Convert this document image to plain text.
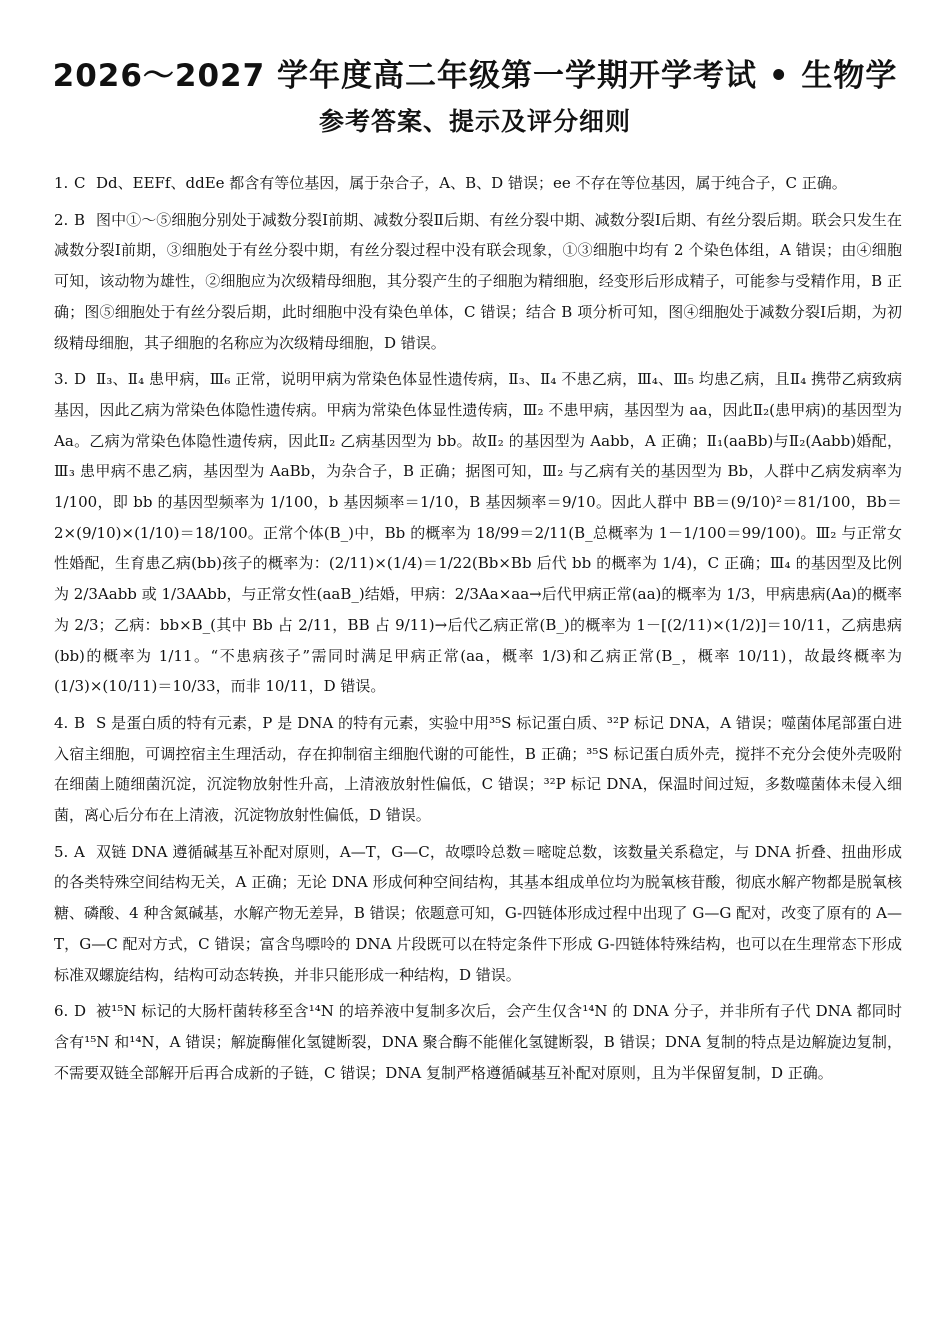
2026～2027 学年度高二年级第一学期开学考试 • 生物学
参考答案、提示及评分细则
1. C Dd、EEFf、ddEe 都含有等位基因，属于杂合子，A、B、D 错误；ee 不存在等位基因，属于纯合子，C 正确。
2. B 图中①～⑤细胞分别处于减数分裂Ⅰ前期、减数分裂Ⅱ后期、有丝分裂中期、减数分裂Ⅰ后期、有丝分裂后期。联会只发生在减数分裂Ⅰ前期，③细胞处于有丝分裂中期，有丝分裂过程中没有联会现象，①③细胞中均有 2 个染色体组，A 错误；由④细胞可知，该动物为雄性，②细胞应为次级精母细胞，其分裂产生的子细胞为精细胞，经变形后形成精子，可能参与受精作用，B 正确；图⑤细胞处于有丝分裂后期，此时细胞中没有染色单体，C 错误；结合 B 项分析可知，图④细胞处于减数分裂Ⅰ后期，为初级精母细胞，其子细胞的名称应为次级精母细胞，D 错误。
3. D Ⅱ₃、Ⅱ₄ 患甲病，Ⅲ₆ 正常，说明甲病为常染色体显性遗传病，Ⅱ₃、Ⅱ₄ 不患乙病，Ⅲ₄、Ⅲ₅ 均患乙病，且Ⅱ₄ 携带乙病致病基因，因此乙病为常染色体隐性遗传病。甲病为常染色体显性遗传病，Ⅲ₂ 不患甲病，基因型为 aa，因此Ⅱ₂(患甲病)的基因型为 Aa。乙病为常染色体隐性遗传病，因此Ⅱ₂ 乙病基因型为 bb。故Ⅱ₂ 的基因型为 Aabb，A 正确；Ⅱ₁(aaBb)与Ⅱ₂(Aabb)婚配，Ⅲ₃ 患甲病不患乙病，基因型为 AaBb，为杂合子，B 正确；据图可知，Ⅲ₂ 与乙病有关的基因型为 Bb，人群中乙病发病率为 1/100，即 bb 的基因型频率为 1/100，b 基因频率＝1/10，B 基因频率＝9/10。因此人群中 BB＝(9/10)²＝81/100，Bb＝2×(9/10)×(1/10)＝18/100。正常个体(B_)中，Bb 的概率为 18/99＝2/11(B_总概率为 1－1/100＝99/100)。Ⅲ₂ 与正常女性婚配，生育患乙病(bb)孩子的概率为：(2/11)×(1/4)＝1/22(Bb×Bb 后代 bb 的概率为 1/4)，C 正确；Ⅲ₄ 的基因型及比例为 2/3Aabb 或 1/3AAbb，与正常女性(aaB_)结婚，甲病：2/3Aa×aa→后代甲病正常(aa)的概率为 1/3，甲病患病(Aa)的概率为 2/3；乙病：bb×B_(其中 Bb 占 2/11，BB 占 9/11)→后代乙病正常(B_)的概率为 1－[(2/11)×(1/2)]＝10/11，乙病患病(bb)的概率为 1/11。“不患病孩子”需同时满足甲病正常(aa，概率 1/3)和乙病正常(B_，概率 10/11)，故最终概率为(1/3)×(10/11)＝10/33，而非 10/11，D 错误。
4. B S 是蛋白质的特有元素，P 是 DNA 的特有元素，实验中用³⁵S 标记蛋白质、³²P 标记 DNA，A 错误；噬菌体尾部蛋白进入宿主细胞，可调控宿主生理活动，存在抑制宿主细胞代谢的可能性，B 正确；³⁵S 标记蛋白质外壳，搅拌不充分会使外壳吸附在细菌上随细菌沉淀，沉淀物放射性升高，上清液放射性偏低，C 错误；³²P 标记 DNA，保温时间过短，多数噬菌体未侵入细菌，离心后分布在上清液，沉淀物放射性偏低，D 错误。
5. A 双链 DNA 遵循碱基互补配对原则，A—T，G—C，故嘌呤总数＝嘧啶总数，该数量关系稳定，与 DNA 折叠、扭曲形成的各类特殊空间结构无关，A 正确；无论 DNA 形成何种空间结构，其基本组成单位均为脱氧核苷酸，彻底水解产物都是脱氧核糖、磷酸、4 种含氮碱基，水解产物无差异，B 错误；依题意可知，G-四链体形成过程中出现了 G—G 配对，改变了原有的 A—T，G—C 配对方式，C 错误；富含鸟嘌呤的 DNA 片段既可以在特定条件下形成 G-四链体特殊结构，也可以在生理常态下形成标准双螺旋结构，结构可动态转换，并非只能形成一种结构，D 错误。
6. D 被¹⁵N 标记的大肠杆菌转移至含¹⁴N 的培养液中复制多次后，会产生仅含¹⁴N 的 DNA 分子，并非所有子代 DNA 都同时含有¹⁵N 和¹⁴N，A 错误；解旋酶催化氢键断裂，DNA 聚合酶不能催化氢键断裂，B 错误；DNA 复制的特点是边解旋边复制，不需要双链全部解开后再合成新的子链，C 错误；DNA 复制严格遵循碱基互补配对原则，且为半保留复制，D 正确。
